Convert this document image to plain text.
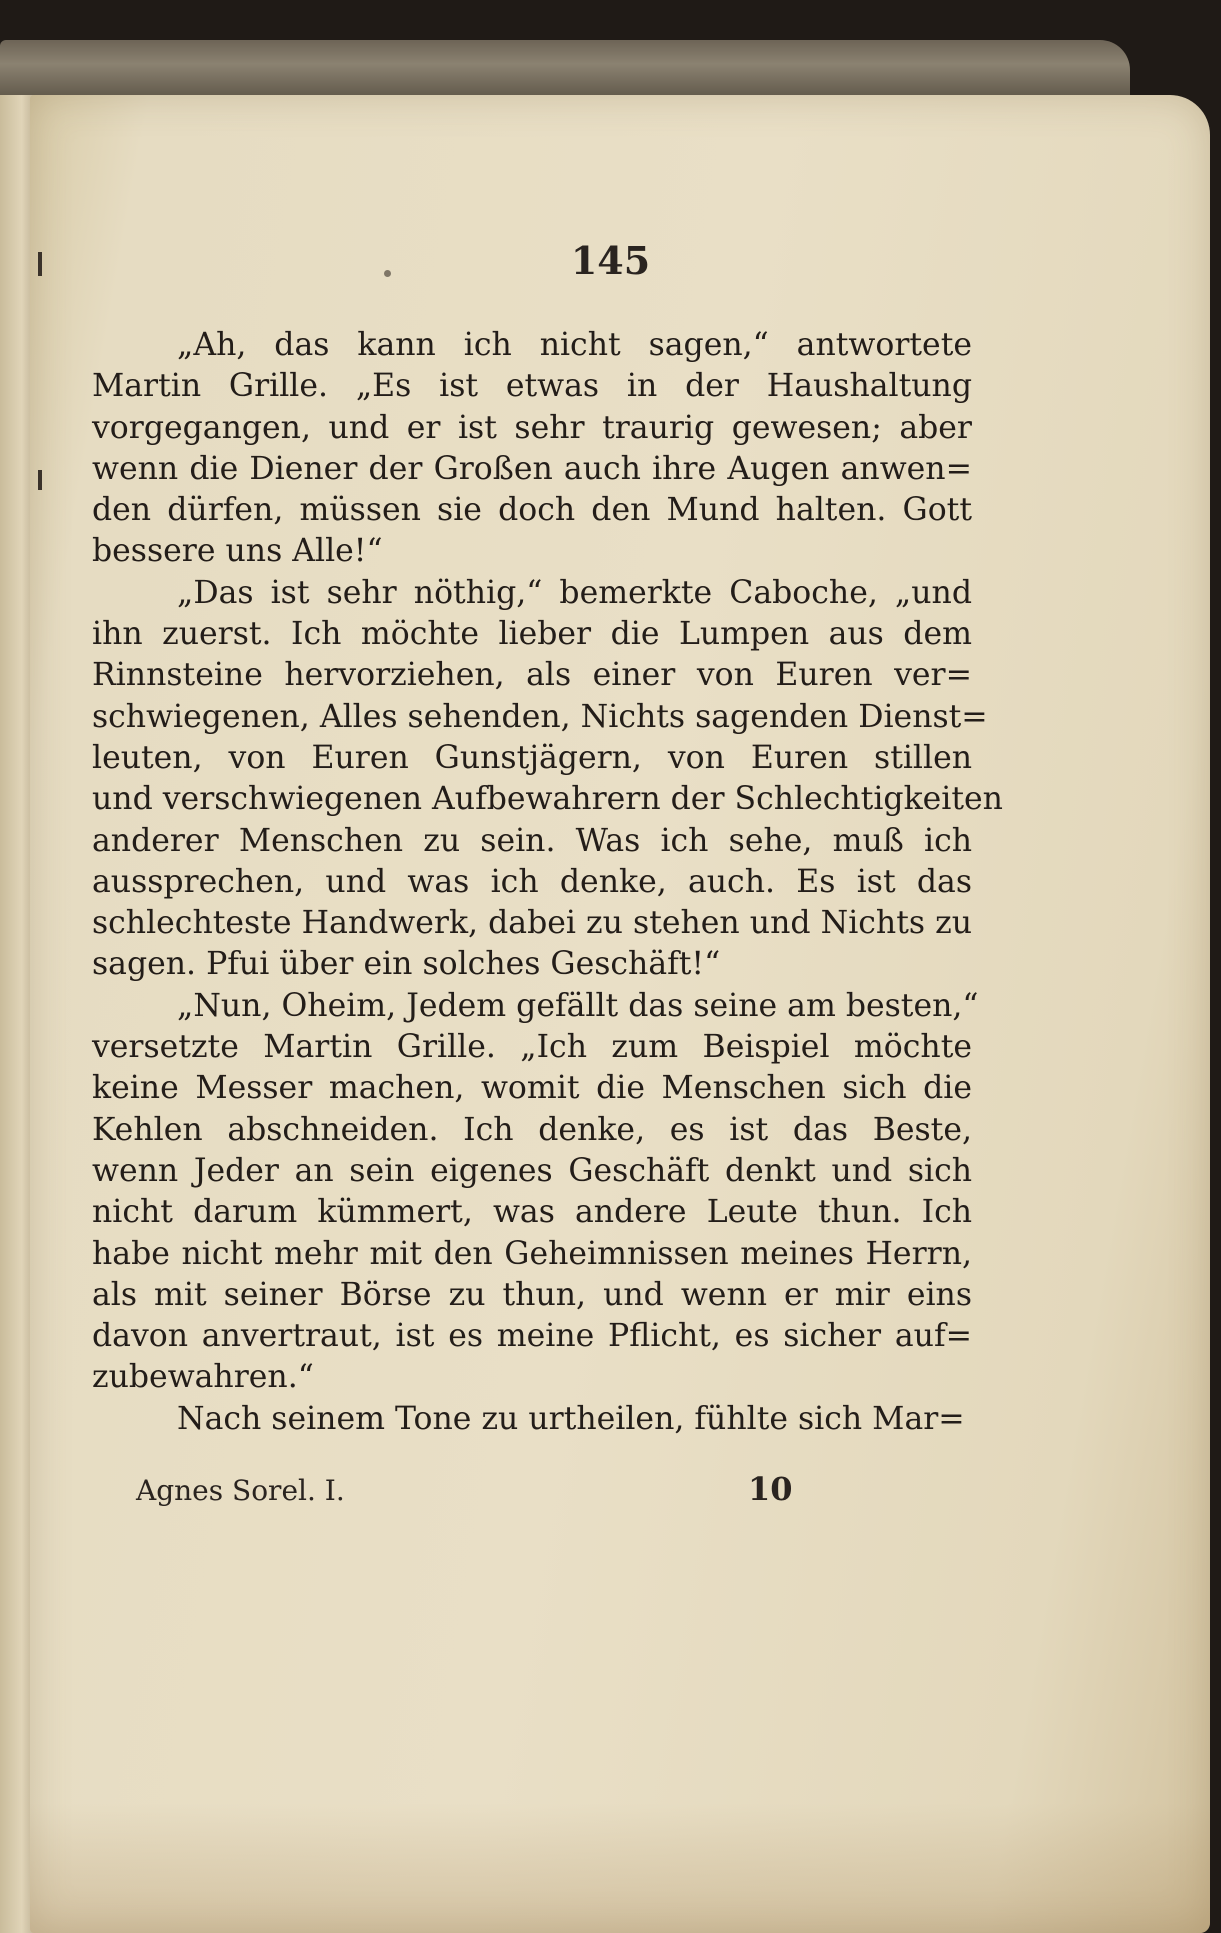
145
„Ah, das kann ich nicht sagen,“ antwortete
Martin Grille. „Es ist etwas in der Haushaltung
vorgegangen, und er ist sehr traurig gewesen; aber
wenn die Diener der Großen auch ihre Augen anwen=
den dürfen, müssen sie doch den Mund halten. Gott
bessere uns Alle!“
„Das ist sehr nöthig,“ bemerkte Caboche, „und
ihn zuerst. Ich möchte lieber die Lumpen aus dem
Rinnsteine hervorziehen, als einer von Euren ver=
schwiegenen, Alles sehenden, Nichts sagenden Dienst=
leuten, von Euren Gunstjägern, von Euren stillen
und verschwiegenen Aufbewahrern der Schlechtigkeiten
anderer Menschen zu sein. Was ich sehe, muß ich
aussprechen, und was ich denke, auch. Es ist das
schlechteste Handwerk, dabei zu stehen und Nichts zu
sagen. Pfui über ein solches Geschäft!“
„Nun, Oheim, Jedem gefällt das seine am besten,“
versetzte Martin Grille. „Ich zum Beispiel möchte
keine Messer machen, womit die Menschen sich die
Kehlen abschneiden. Ich denke, es ist das Beste,
wenn Jeder an sein eigenes Geschäft denkt und sich
nicht darum kümmert, was andere Leute thun. Ich
habe nicht mehr mit den Geheimnissen meines Herrn,
als mit seiner Börse zu thun, und wenn er mir eins
davon anvertraut, ist es meine Pflicht, es sicher auf=
zubewahren.“
Nach seinem Tone zu urtheilen, fühlte sich Mar=
Agnes Sorel. I.	10
